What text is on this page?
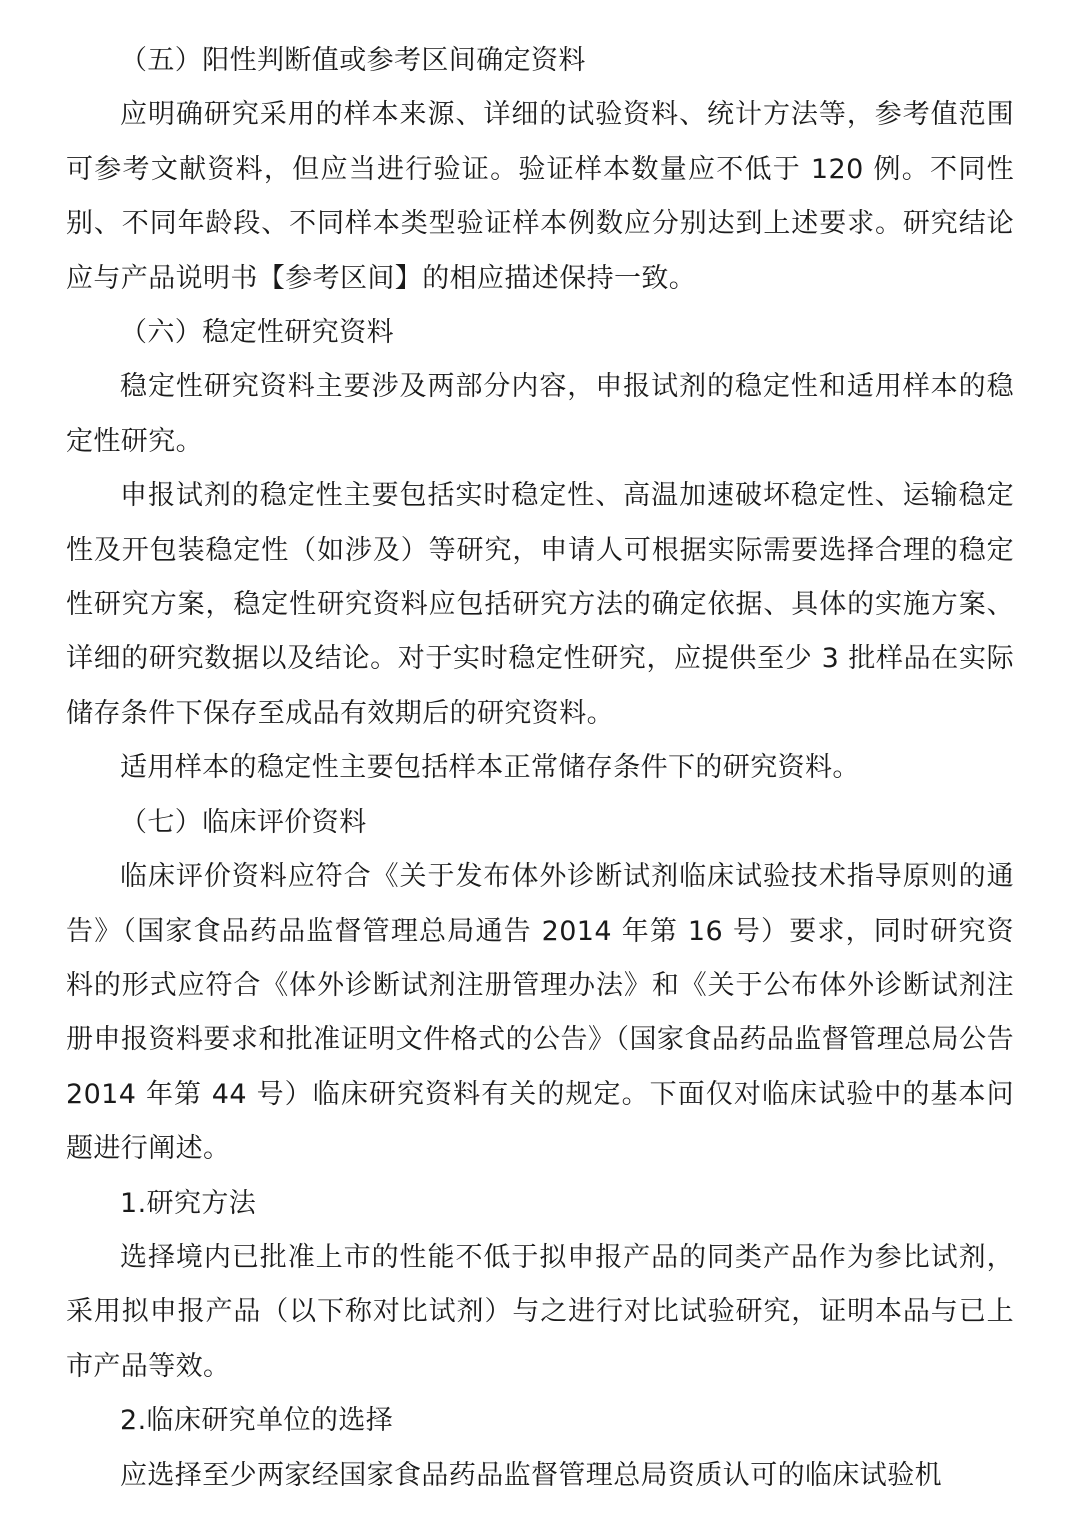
（五）阳性判断值或参考区间确定资料

应明确研究采用的样本来源、详细的试验资料、统计方法等，参考值范围可参考文献资料，但应当进行验证。验证样本数量应不低于 120 例。不同性别、不同年龄段、不同样本类型验证样本例数应分别达到上述要求。研究结论应与产品说明书【参考区间】的相应描述保持一致。

（六）稳定性研究资料

稳定性研究资料主要涉及两部分内容，申报试剂的稳定性和适用样本的稳定性研究。

申报试剂的稳定性主要包括实时稳定性、高温加速破坏稳定性、运输稳定性及开包装稳定性（如涉及）等研究，申请人可根据实际需要选择合理的稳定性研究方案，稳定性研究资料应包括研究方法的确定依据、具体的实施方案、详细的研究数据以及结论。对于实时稳定性研究，应提供至少 3 批样品在实际储存条件下保存至成品有效期后的研究资料。

适用样本的稳定性主要包括样本正常储存条件下的研究资料。

（七）临床评价资料

临床评价资料应符合《关于发布体外诊断试剂临床试验技术指导原则的通告》（国家食品药品监督管理总局通告 2014 年第 16 号）要求，同时研究资料的形式应符合《体外诊断试剂注册管理办法》和《关于公布体外诊断试剂注册申报资料要求和批准证明文件格式的公告》（国家食品药品监督管理总局公告 2014 年第 44 号）临床研究资料有关的规定。下面仅对临床试验中的基本问题进行阐述。

1.研究方法

选择境内已批准上市的性能不低于拟申报产品的同类产品作为参比试剂，采用拟申报产品（以下称对比试剂）与之进行对比试验研究，证明本品与已上市产品等效。

2.临床研究单位的选择

应选择至少两家经国家食品药品监督管理总局资质认可的临床试验机
